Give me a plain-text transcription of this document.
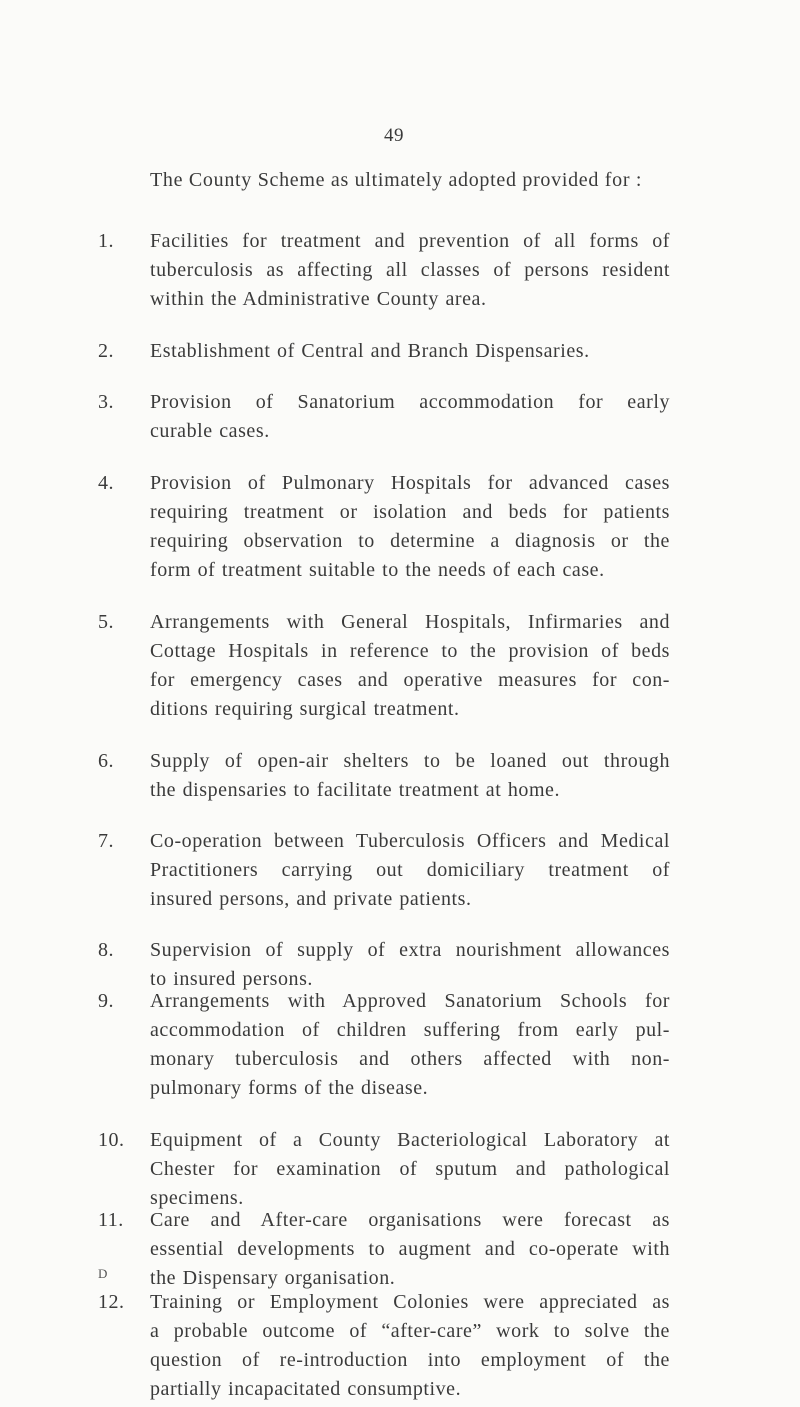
49
The County Scheme as ultimately adopted provided for :
1. Facilities for treatment and prevention of all forms of
tuberculosis as affecting all classes of persons resident
within the Administrative County area.
2. Establishment of Central and Branch Dispensaries.
3. Provision of Sanatorium accommodation for early
curable cases.
4. Provision of Pulmonary Hospitals for advanced cases
requiring treatment or isolation and beds for patients
requiring observation to determine a diagnosis or the
form of treatment suitable to the needs of each case.
5. Arrangements with General Hospitals, Infirmaries and
Cottage Hospitals in reference to the provision of beds
for emergency cases and operative measures for con-
ditions requiring surgical treatment.
6. Supply of open-air shelters to be loaned out through
the dispensaries to facilitate treatment at home.
7. Co-operation between Tuberculosis Officers and Medical
Practitioners carrying out domiciliary treatment of
insured persons, and private patients.
8. Supervision of supply of extra nourishment allowances
to insured persons.
9. Arrangements with Approved Sanatorium Schools for
accommodation of children suffering from early pul-
monary tuberculosis and others affected with non-
pulmonary forms of the disease.
10. Equipment of a County Bacteriological Laboratory at
Chester for examination of sputum and pathological
specimens.
11. Care and After-care organisations were forecast as
essential developments to augment and co-operate with
the Dispensary organisation.
12. Training or Employment Colonies were appreciated as
a probable outcome of “after-care” work to solve the
question of re-introduction into employment of the
partially incapacitated consumptive.
D
